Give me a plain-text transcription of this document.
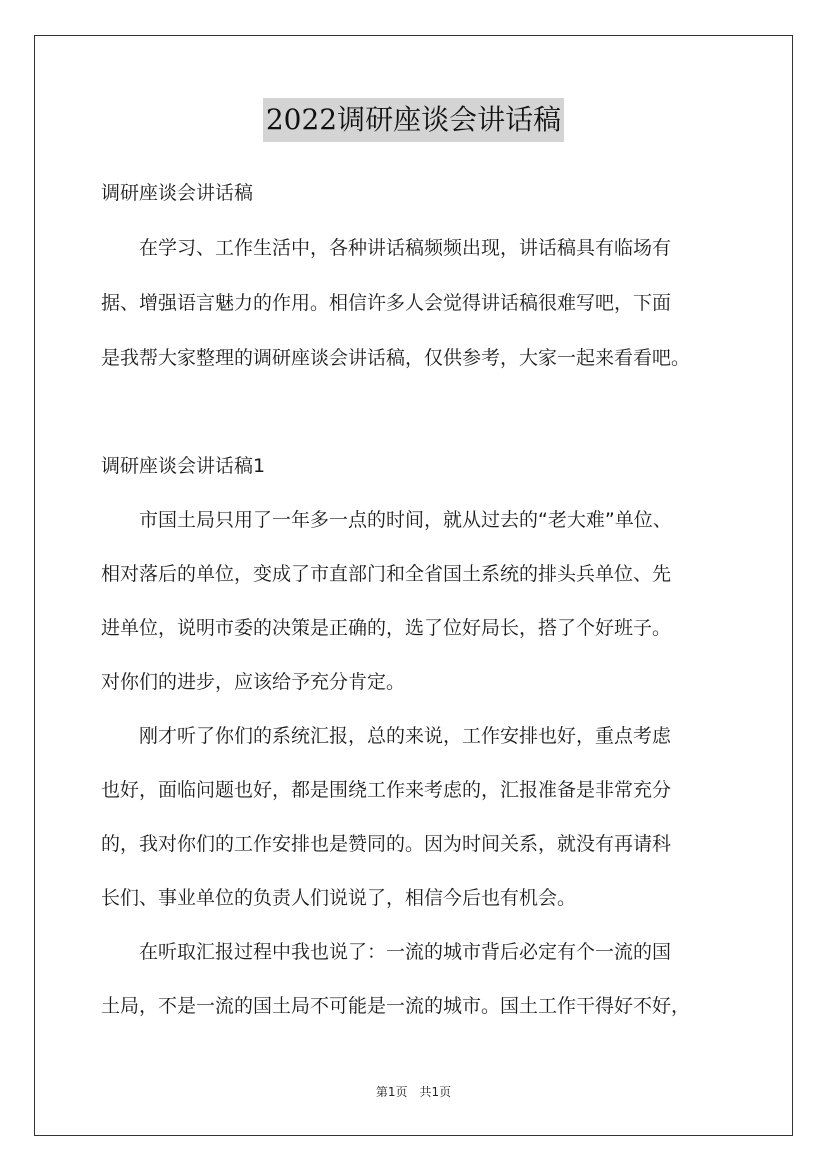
2022调研座谈会讲话稿
调研座谈会讲话稿
　　在学习、工作生活中，各种讲话稿频频出现，讲话稿具有临场有
据、增强语言魅力的作用。相信许多人会觉得讲话稿很难写吧，下面
是我帮大家整理的调研座谈会讲话稿，仅供参考，大家一起来看看吧。
调研座谈会讲话稿1
　　市国土局只用了一年多一点的时间，就从过去的“老大难”单位、
相对落后的单位，变成了市直部门和全省国土系统的排头兵单位、先
进单位，说明市委的决策是正确的，选了位好局长，搭了个好班子。
对你们的进步，应该给予充分肯定。
　　刚才听了你们的系统汇报，总的来说，工作安排也好，重点考虑
也好，面临问题也好，都是围绕工作来考虑的，汇报准备是非常充分
的，我对你们的工作安排也是赞同的。因为时间关系，就没有再请科
长们、事业单位的负责人们说说了，相信今后也有机会。
　　在听取汇报过程中我也说了：一流的城市背后必定有个一流的国
土局，不是一流的国土局不可能是一流的城市。国土工作干得好不好，
第1页　共1页
